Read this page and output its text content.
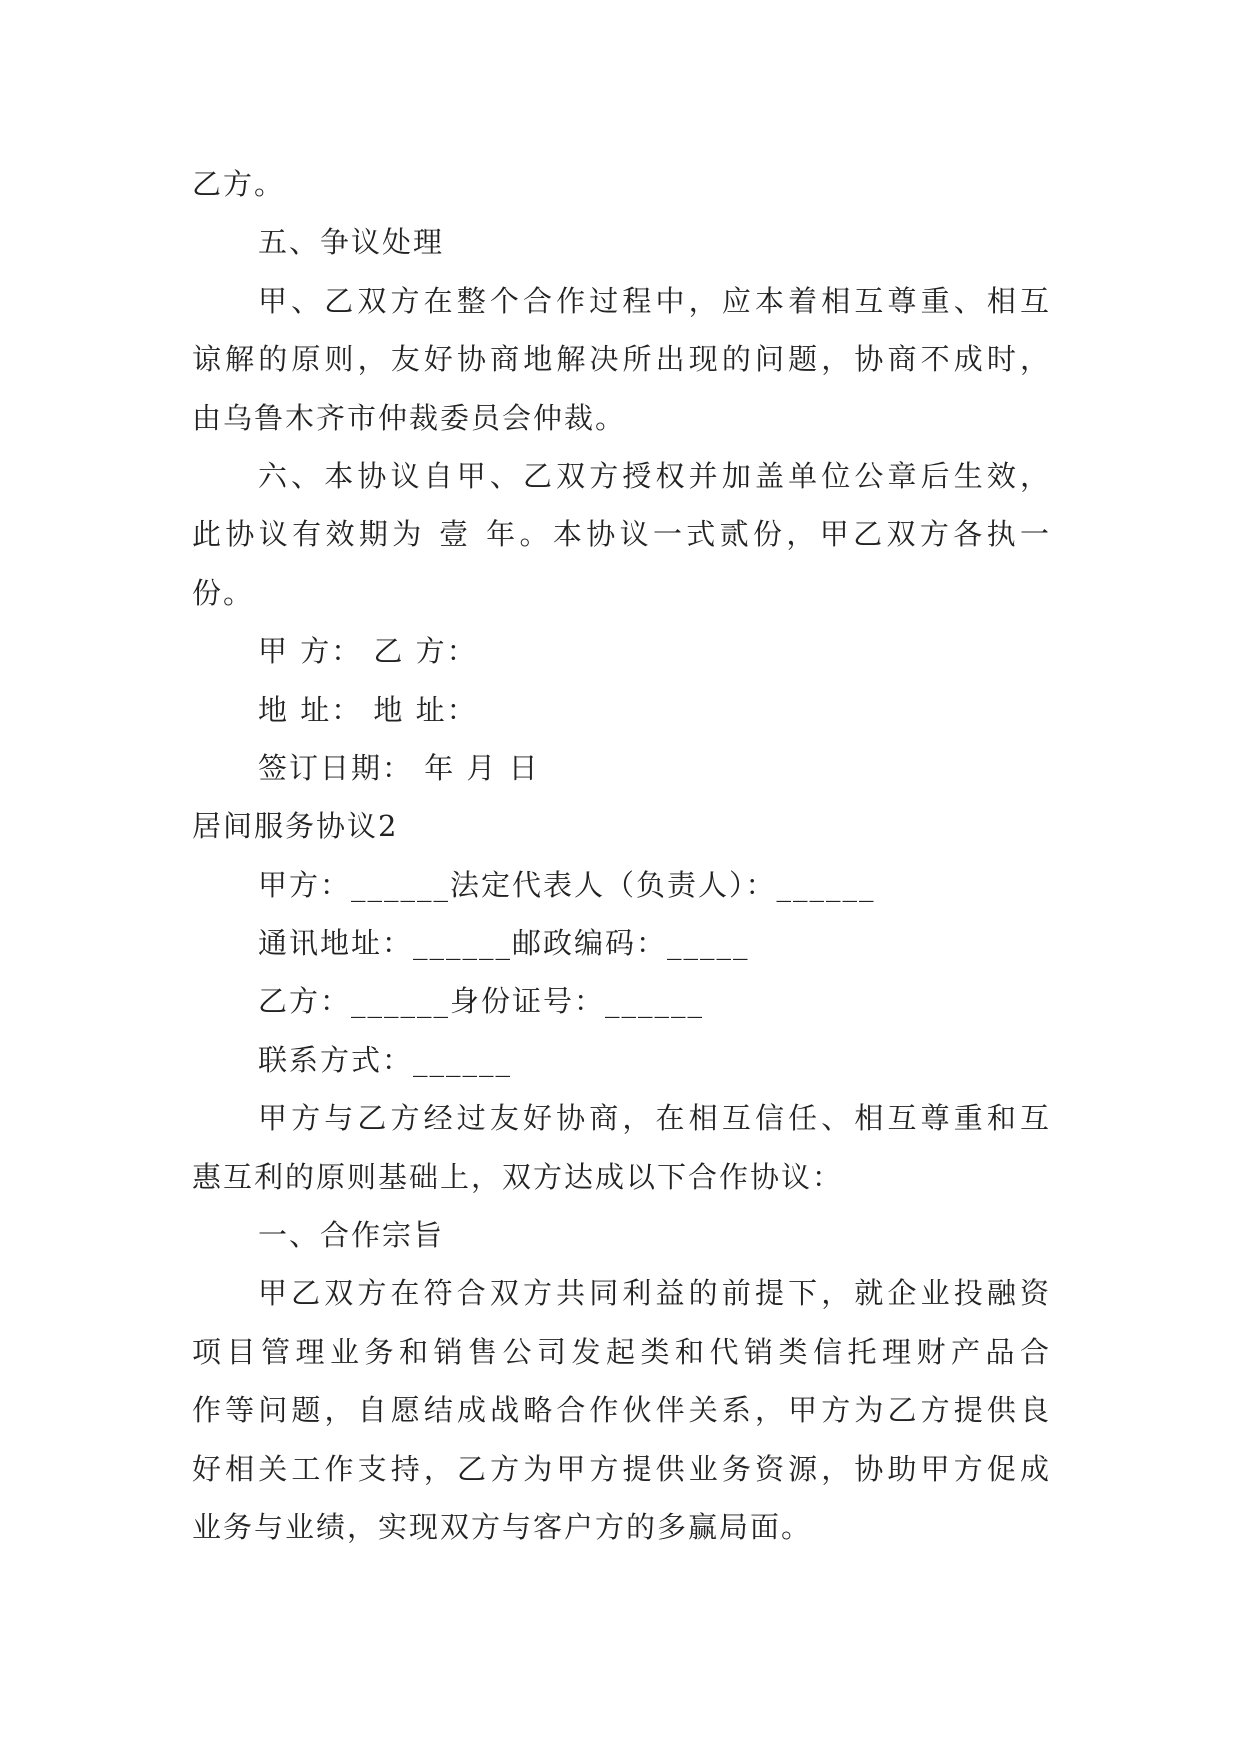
乙方。
五、争议处理
甲、乙双方在整个合作过程中，应本着相互尊重、相互
谅解的原则，友好协商地解决所出现的问题，协商不成时，
由乌鲁木齐市仲裁委员会仲裁。
六、本协议自甲、乙双方授权并加盖单位公章后生效，
此协议有效期为 壹 年。本协议一式贰份，甲乙双方各执一
份。
甲 方： 乙 方：
地 址： 地 址：
签订日期： 年 月 日
居间服务协议2
甲方：______法定代表人（负责人）：______
通讯地址：______邮政编码：_____
乙方：______身份证号：______
联系方式：______
甲方与乙方经过友好协商，在相互信任、相互尊重和互
惠互利的原则基础上，双方达成以下合作协议：
一、合作宗旨
甲乙双方在符合双方共同利益的前提下，就企业投融资
项目管理业务和销售公司发起类和代销类信托理财产品合
作等问题，自愿结成战略合作伙伴关系，甲方为乙方提供良
好相关工作支持，乙方为甲方提供业务资源，协助甲方促成
业务与业绩，实现双方与客户方的多赢局面。
